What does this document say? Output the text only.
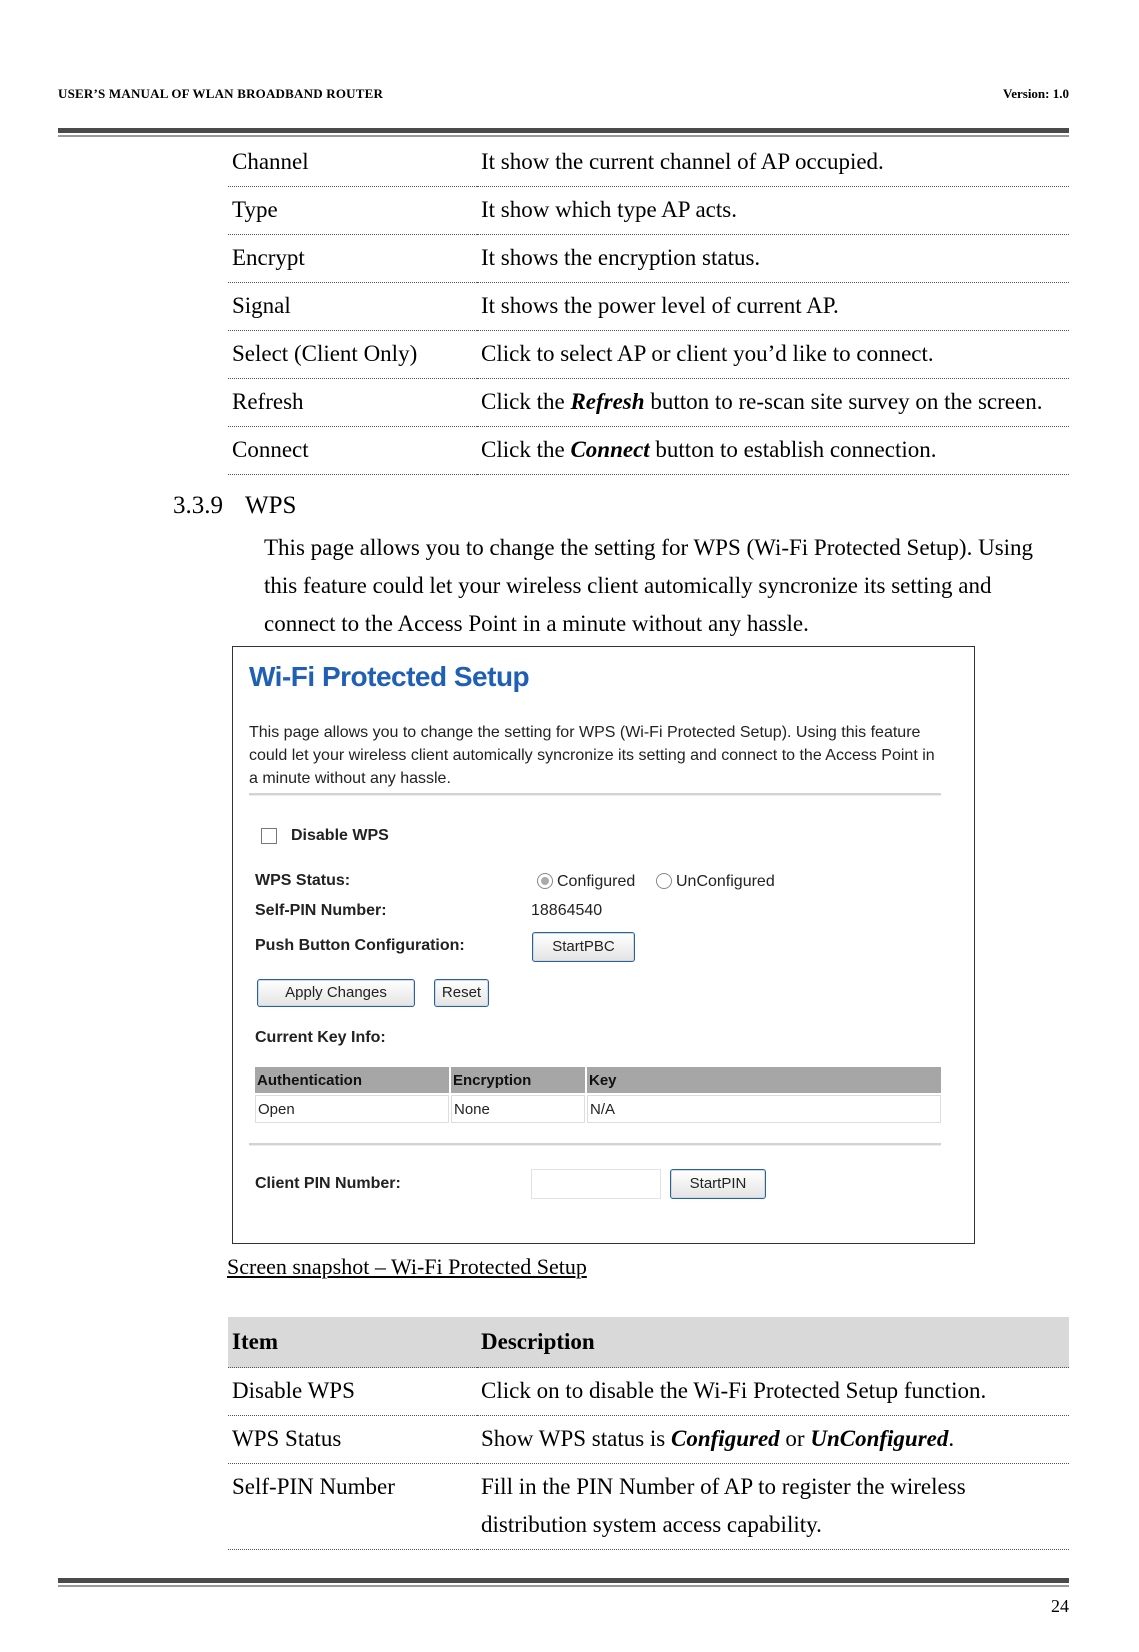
USER’S MANUAL OF WLAN BROADBAND ROUTER	Version: 1.0
Channel	It show the current channel of AP occupied.
Type	It show which type AP acts.
Encrypt	It shows the encryption status.
Signal	It shows the power level of current AP.
Select (Client Only)	Click to select AP or client you’d like to connect.
Refresh	Click the Refresh button to re-scan site survey on the screen.
Connect	Click the Connect button to establish connection.
3.3.9 WPS
This page allows you to change the setting for WPS (Wi-Fi Protected Setup). Using this feature could let your wireless client automically syncronize its setting and connect to the Access Point in a minute without any hassle.
Wi-Fi Protected Setup
This page allows you to change the setting for WPS (Wi-Fi Protected Setup). Using this feature could let your wireless client automically syncronize its setting and connect to the Access Point in a minute without any hassle.
Disable WPS
WPS Status:	Configured	UnConfigured
Self-PIN Number:	18864540
Push Button Configuration:	StartPBC
Apply Changes	Reset
Current Key Info:
Authentication	Encryption	Key
Open	None	N/A
Client PIN Number:	StartPIN
Screen snapshot – Wi-Fi Protected Setup
Item	Description
Disable WPS	Click on to disable the Wi-Fi Protected Setup function.
WPS Status	Show WPS status is Configured or UnConfigured.
Self-PIN Number	Fill in the PIN Number of AP to register the wireless distribution system access capability.
24
